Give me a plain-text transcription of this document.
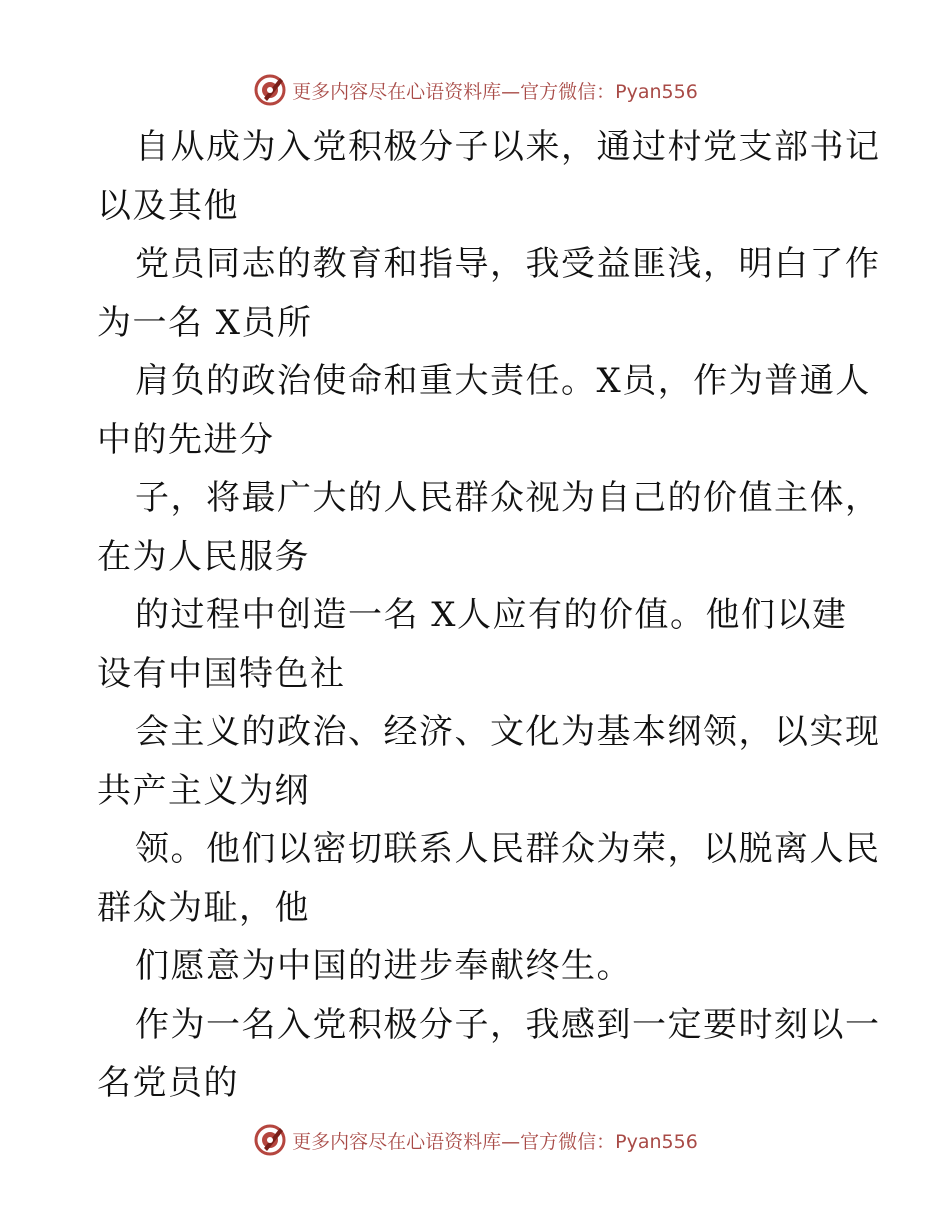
更多内容尽在心语资料库—官方微信：Pyan556
自从成为入党积极分子以来，通过村党支部书记
以及其他
党员同志的教育和指导，我受益匪浅，明白了作
为一名 X员所
肩负的政治使命和重大责任。X员，作为普通人
中的先进分
子，将最广大的人民群众视为自己的价值主体，
在为人民服务
的过程中创造一名 X人应有的价值。他们以建
设有中国特色社
会主义的政治、经济、文化为基本纲领，以实现
共产主义为纲
领。他们以密切联系人民群众为荣，以脱离人民
群众为耻，他
们愿意为中国的进步奉献终生。
作为一名入党积极分子，我感到一定要时刻以一
名党员的
更多内容尽在心语资料库—官方微信：Pyan556
